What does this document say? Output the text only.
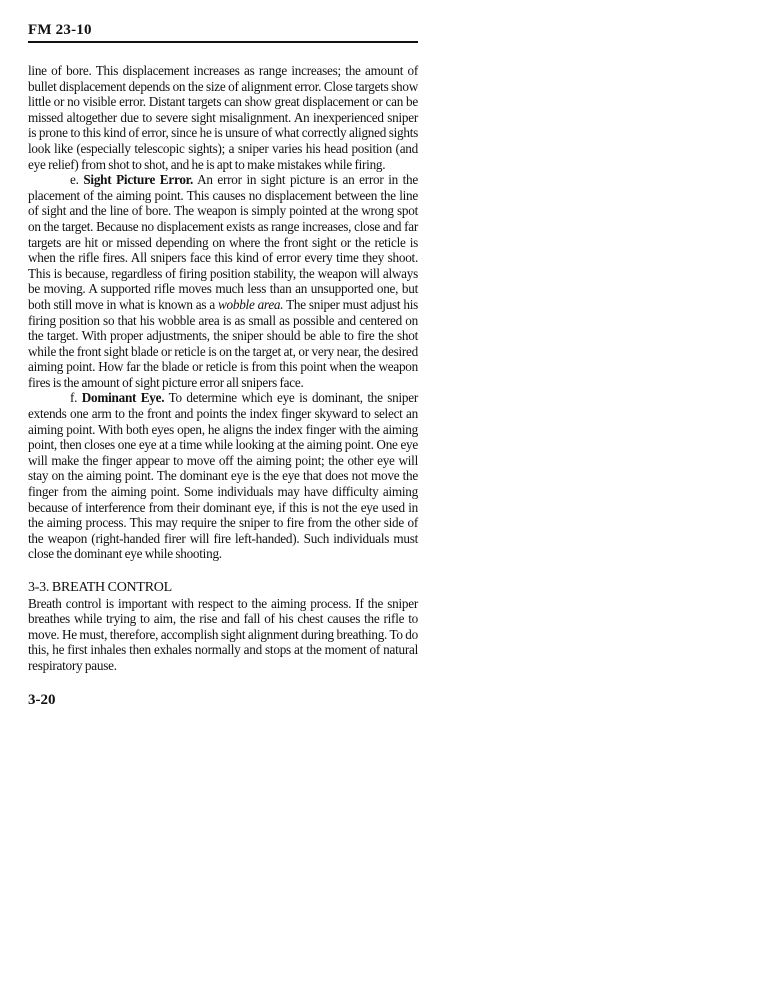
FM 23-10

line of bore. This displacement increases as range increases; the amount of bullet displacement depends on the size of alignment error. Close targets show little or no visible error. Distant targets can show great displacement or can be missed altogether due to severe sight misalignment. An inexperienced sniper is prone to this kind of error, since he is unsure of what correctly aligned sights look like (especially telescopic sights); a sniper varies his head position (and eye relief) from shot to shot, and he is apt to make mistakes while firing.

e. Sight Picture Error. An error in sight picture is an error in the placement of the aiming point. This causes no displacement between the line of sight and the line of bore. The weapon is simply pointed at the wrong spot on the target. Because no displacement exists as range increases, close and far targets are hit or missed depending on where the front sight or the reticle is when the rifle fires. All snipers face this kind of error every time they shoot. This is because, regardless of firing position stability, the weapon will always be moving. A supported rifle moves much less than an unsupported one, but both still move in what is known as a wobble area. The sniper must adjust his firing position so that his wobble area is as small as possible and centered on the target. With proper adjustments, the sniper should be able to fire the shot while the front sight blade or reticle is on the target at, or very near, the desired aiming point. How far the blade or reticle is from this point when the weapon fires is the amount of sight picture error all snipers face.

f. Dominant Eye. To determine which eye is dominant, the sniper extends one arm to the front and points the index finger skyward to select an aiming point. With both eyes open, he aligns the index finger with the aiming point, then closes one eye at a time while looking at the aiming point. One eye will make the finger appear to move off the aiming point; the other eye will stay on the aiming point. The dominant eye is the eye that does not move the finger from the aiming point. Some individuals may have difficulty aiming because of interference from their dominant eye, if this is not the eye used in the aiming process. This may require the sniper to fire from the other side of the weapon (right-handed firer will fire left-handed). Such individuals must close the dominant eye while shooting.

3-3. BREATH CONTROL

Breath control is important with respect to the aiming process. If the sniper breathes while trying to aim, the rise and fall of his chest causes the rifle to move. He must, therefore, accomplish sight alignment during breathing. To do this, he first inhales then exhales normally and stops at the moment of natural respiratory pause.

3-20
